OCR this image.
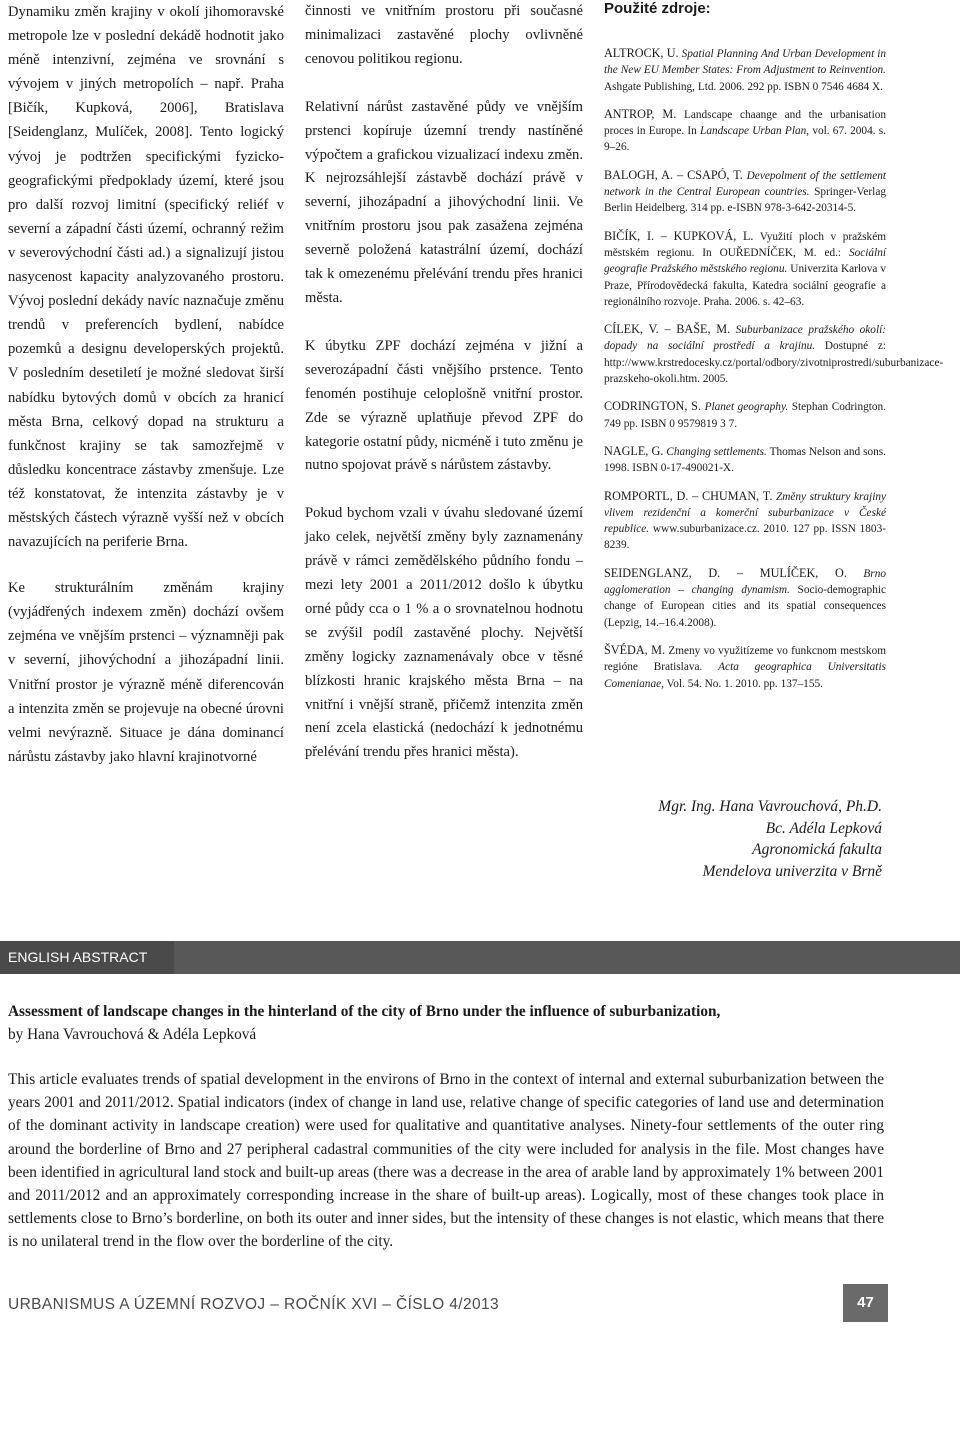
Dynamiku změn krajiny v okolí jihomoravské metropole lze v poslední dekádě hodnotit jako méně intenzivní, zejména ve srovnání s vývojem v jiných metropolích – např. Praha [Bičík, Kupková, 2006], Bratislava [Seidenglanz, Mulíček, 2008]. Tento logický vývoj je podtržen specifickými fyzicko-geografickými předpoklady území, které jsou pro další rozvoj limitní (specifický reliéf v severní a západní části území, ochranný režim v severovýchodní části ad.) a signalizují jistou nasycenost kapacity analyzovaného prostoru. Vývoj poslední dekády navíc naznačuje změnu trendů v preferencích bydlení, nabídce pozemků a designu developerských projektů. V posledním desetiletí je možné sledovat širší nabídku bytových domů v obcích za hranicí města Brna, celkový dopad na strukturu a funkčnost krajiny se tak samozřejmě v důsledku koncentrace zástavby zmenšuje. Lze též konstatovat, že intenzita zástavby je v městských částech výrazně vyšší než v obcích navazujících na periferie Brna.

Ke strukturálním změnám krajiny (vyjádřených indexem změn) dochází ovšem zejména ve vnějším prstenci – významněji pak v severní, jihovýchodní a jihozápadní linii. Vnitřní prostor je výrazně méně diferencován a intenzita změn se projevuje na obecné úrovni velmi nevýrazně. Situace je dána dominancí nárůstu zástavby jako hlavní krajinotvorné

činnosti ve vnitřním prostoru při současné minimalizaci zastavěné plochy ovlivněné cenovou politikou regionu.

Relativní nárůst zastavěné půdy ve vnějším prstenci kopíruje územní trendy nastíněné výpočtem a grafickou vizualizací indexu změn. K nejrozsáhlejší zástavbě dochází právě v severní, jihozápadní a jihovýchodní linii. Ve vnitřním prostoru jsou pak zasažena zejména severně položená katastrální území, dochází tak k omezenému přelévání trendu přes hranici města.

K úbytku ZPF dochází zejména v jižní a severozápadní části vnějšího prstence. Tento fenomén postihuje celoplošně vnitřní prostor. Zde se výrazně uplatňuje převod ZPF do kategorie ostatní půdy, nicméně i tuto změnu je nutno spojovat právě s nárůstem zástavby.

Pokud bychom vzali v úvahu sledované území jako celek, největší změny byly zaznamenány právě v rámci zemědělského půdního fondu – mezi lety 2001 a 2011/2012 došlo k úbytku orné půdy cca o 1 % a o srovnatelnou hodnotu se zvýšil podíl zastavěné plochy. Největší změny logicky zaznamenávaly obce v těsné blízkosti hranic krajského města Brna – na vnitřní i vnější straně, přičemž intenzita změn není zcela elastická (nedochází k jednotnému přelévání trendu přes hranici města).

Použité zdroje:

ALTROCK, U. Spatial Planning And Urban Development in the New EU Member States: From Adjustment to Reinvention. Ashgate Publishing, Ltd. 2006. 292 pp. ISBN 0 7546 4684 X.

ANTROP, M. Landscape chaange and the urbanisation proces in Europe. In Landscape Urban Plan, vol. 67. 2004. s. 9–26.

BALOGH, A. – CSAPÓ, T. Devepolment of the settlement network in the Central European countries. Springer-Verlag Berlin Heidelberg. 314 pp. e-ISBN 978-3-642-20314-5.

BIČÍK, I. – KUPKOVÁ, L. Využití ploch v pražském městském regionu. In OUŘEDNÍČEK, M. ed.: Sociální geografie Pražského městského regionu. Univerzita Karlova v Praze, Přírodovědecká fakulta, Katedra sociální geografie a regionálního rozvoje. Praha. 2006. s. 42–63.

CÍLEK, V. – BAŠE, M. Suburbanizace pražského okolí: dopady na sociální prostředí a krajinu. Dostupné z: http://www.krstredocesky.cz/portal/odbory/zivotniprostredi/suburbanizace-prazskeho-okoli.htm. 2005.

CODRINGTON, S. Planet geography. Stephan Codrington. 749 pp. ISBN 0 9579819 3 7.

NAGLE, G. Changing settlements. Thomas Nelson and sons. 1998. ISBN 0-17-490021-X.

ROMPORTL, D. – CHUMAN, T. Změny struktury krajiny vlivem rezidenční a komerční suburbanizace v České republice. www.suburbanizace.cz. 2010. 127 pp. ISSN 1803-8239.

SEIDENGLANZ, D. – MULÍČEK, O. Brno agglomeration – changing dynamism. Socio-demographic change of European cities and its spatial consequences (Lepzig, 14.–16.4.2008).

ŠVÉDA, M. Zmeny vo využitízeme vo funkcnom mestskom regióne Bratislava. Acta geographica Universitatis Comenianae, Vol. 54. No. 1. 2010. pp. 137–155.

Mgr. Ing. Hana Vavrouchová, Ph.D.
Bc. Adéla Lepková
Agronomická fakulta
Mendelova univerzita v Brně
ENGLISH ABSTRACT
Assessment of landscape changes in the hinterland of the city of Brno under the influence of suburbanization,
by Hana Vavrouchová & Adéla Lepková

This article evaluates trends of spatial development in the environs of Brno in the context of internal and external suburbanization between the years 2001 and 2011/2012. Spatial indicators (index of change in land use, relative change of specific categories of land use and determination of the dominant activity in landscape creation) were used for qualitative and quantitative analyses. Ninety-four settlements of the outer ring around the borderline of Brno and 27 peripheral cadastral communities of the city were included for analysis in the file. Most changes have been identified in agricultural land stock and built-up areas (there was a decrease in the area of arable land by approximately 1% between 2001 and 2011/2012 and an approximately corresponding increase in the share of built-up areas). Logically, most of these changes took place in settlements close to Brno’s borderline, on both its outer and inner sides, but the intensity of these changes is not elastic, which means that there is no unilateral trend in the flow over the borderline of the city.

URBANISMUS A ÚZEMNÍ ROZVOJ – ROČNÍK XVI – ČÍSLO 4/2013	47
